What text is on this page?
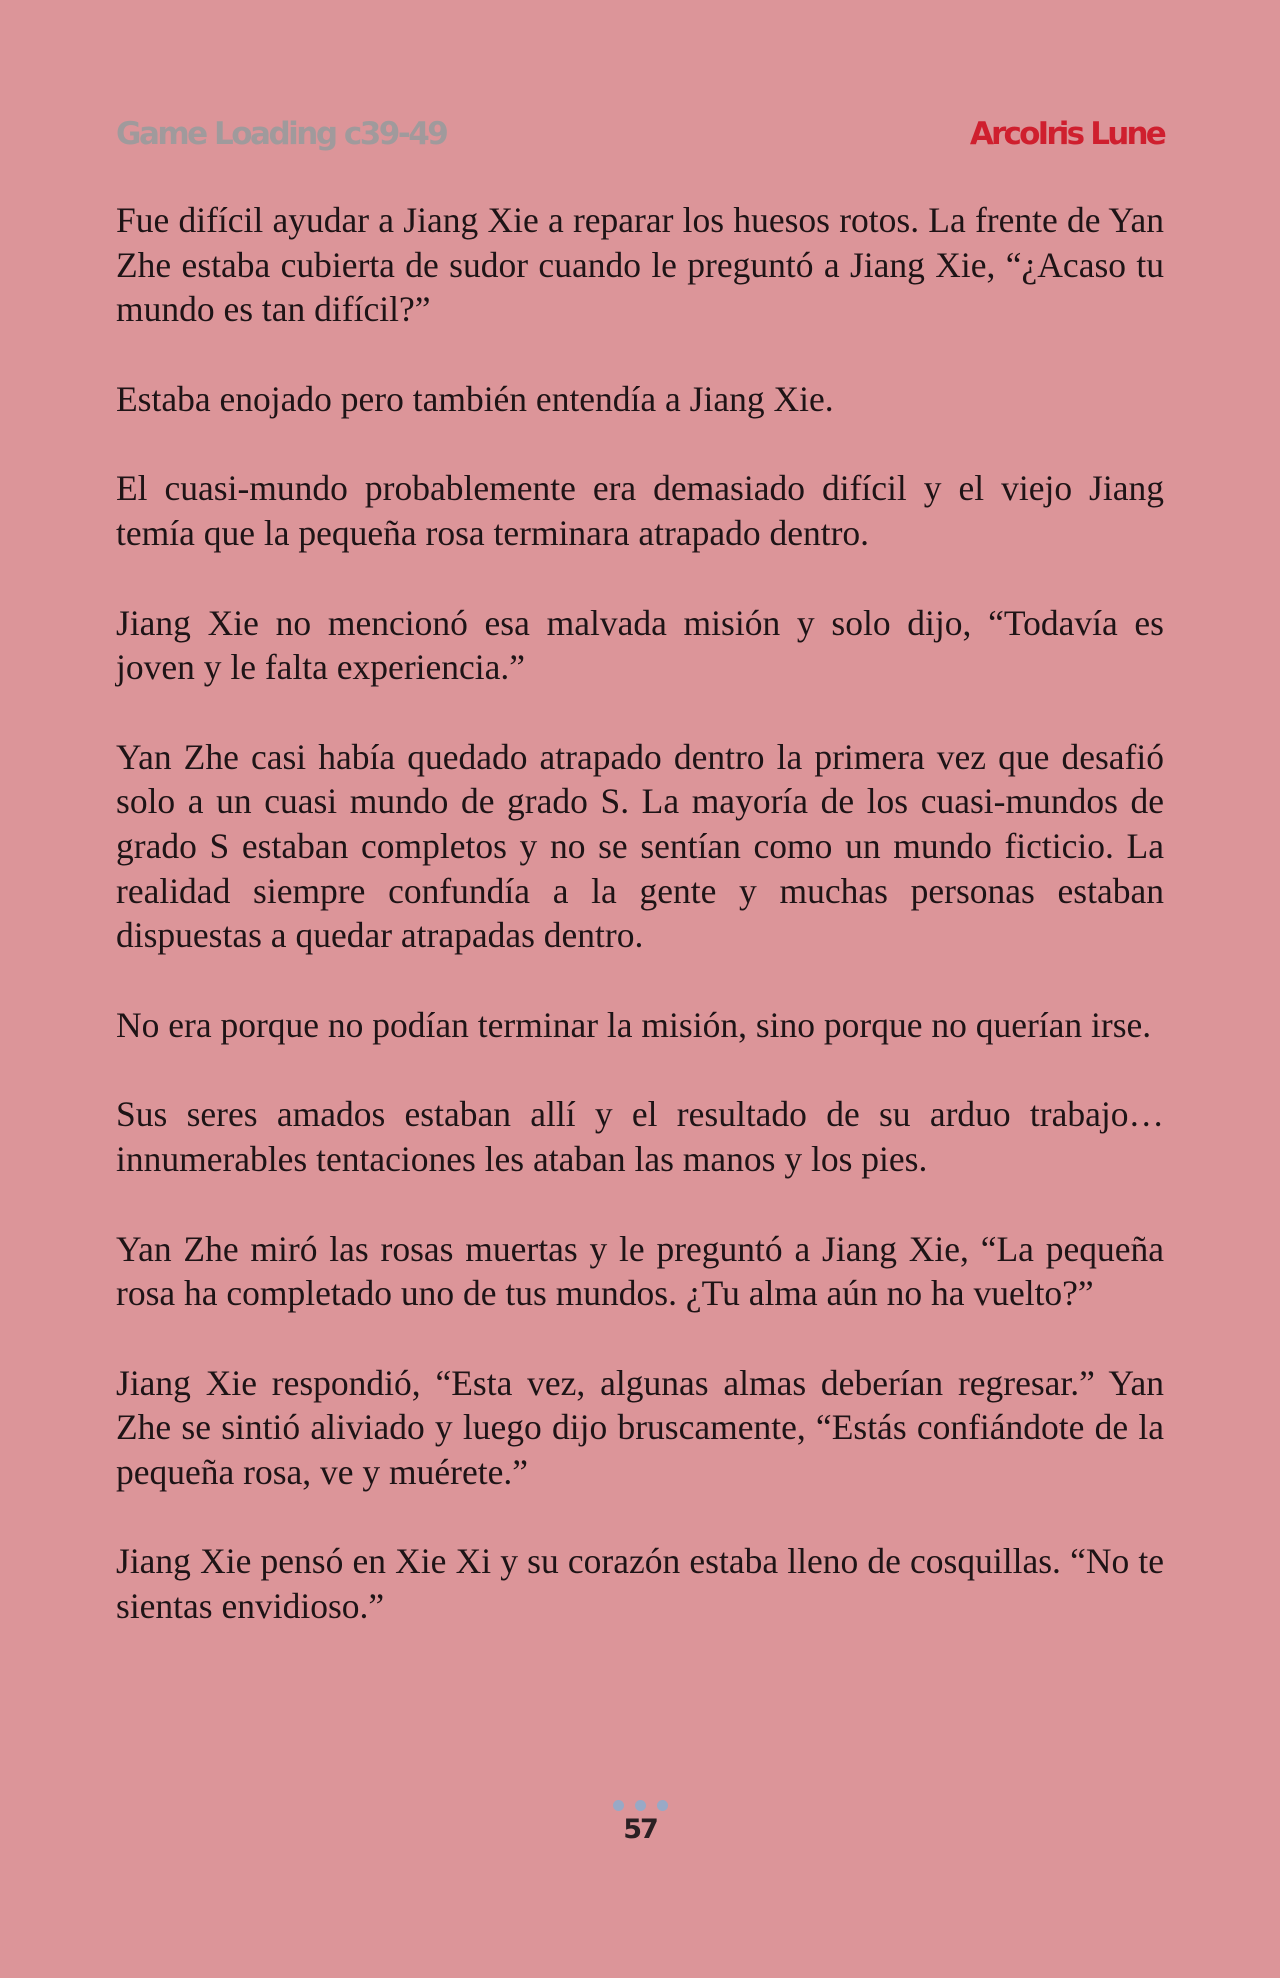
Game Loading c39-49	ArcoIris Lune

Fue difícil ayudar a Jiang Xie a reparar los huesos rotos. La frente de Yan Zhe estaba cubierta de sudor cuando le preguntó a Jiang Xie, “¿Acaso tu mundo es tan difícil?”

Estaba enojado pero también entendía a Jiang Xie.

El cuasi-mundo probablemente era demasiado difícil y el viejo Jiang temía que la pequeña rosa terminara atrapado dentro.

Jiang Xie no mencionó esa malvada misión y solo dijo, “Todavía es joven y le falta experiencia.”

Yan Zhe casi había quedado atrapado dentro la primera vez que desafió solo a un cuasi mundo de grado S. La mayoría de los cuasi-mundos de grado S estaban completos y no se sentían como un mundo ficticio. La realidad siempre confundía a la gente y muchas personas estaban dispuestas a quedar atrapadas dentro.

No era porque no podían terminar la misión, sino porque no querían irse.

Sus seres amados estaban allí y el resultado de su arduo trabajo… innumerables tentaciones les ataban las manos y los pies.

Yan Zhe miró las rosas muertas y le preguntó a Jiang Xie, “La pequeña rosa ha completado uno de tus mundos. ¿Tu alma aún no ha vuelto?”

Jiang Xie respondió, “Esta vez, algunas almas deberían regresar.” Yan Zhe se sintió aliviado y luego dijo bruscamente, “Estás confiándote de la pequeña rosa, ve y muérete.”

Jiang Xie pensó en Xie Xi y su corazón estaba lleno de cosquillas. “No te sientas envidioso.”

57
